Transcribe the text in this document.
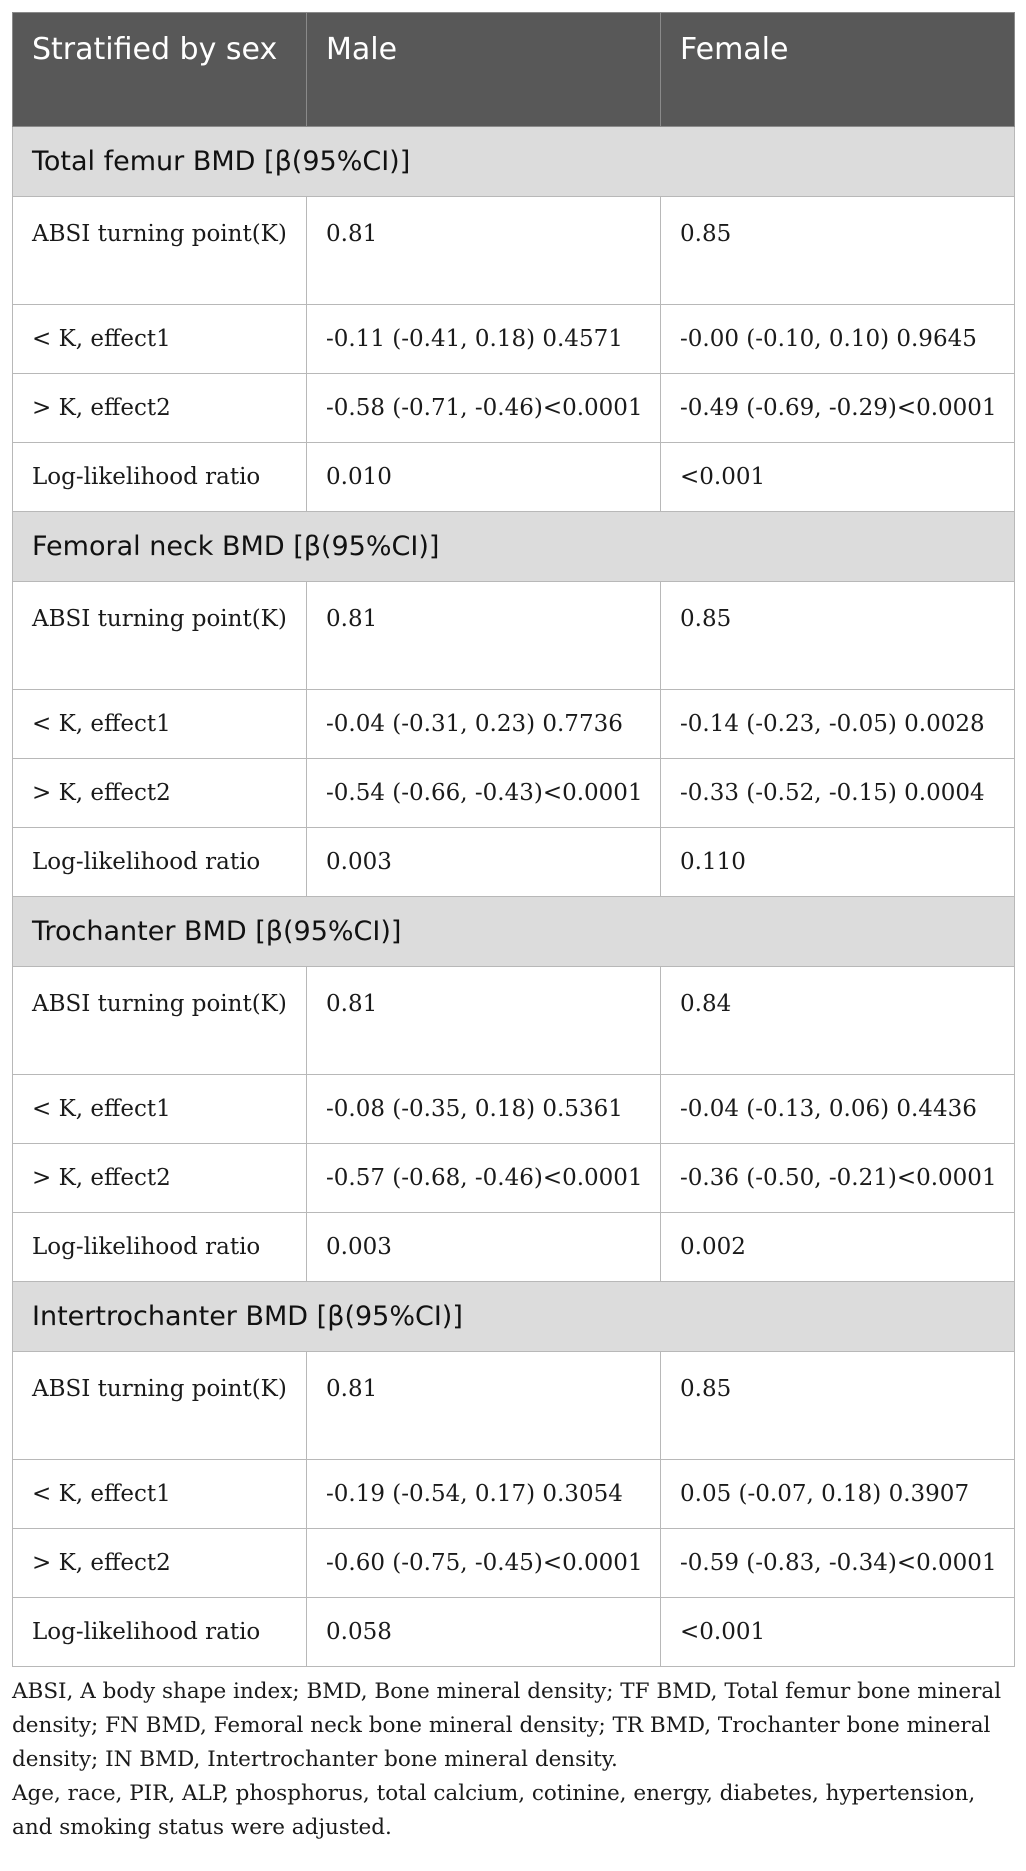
Stratified by sex	Male	Female
Total femur BMD [β(95%CI)]		
ABSI turning point(K)	0.81	0.85
< K, effect1	-0.11 (-0.41, 0.18) 0.4571	-0.00 (-0.10, 0.10) 0.9645
> K, effect2	-0.58 (-0.71, -0.46)<0.0001	-0.49 (-0.69, -0.29)<0.0001
Log-likelihood ratio	0.010	<0.001
Femoral neck BMD [β(95%CI)]		
ABSI turning point(K)	0.81	0.85
< K, effect1	-0.04 (-0.31, 0.23) 0.7736	-0.14 (-0.23, -0.05) 0.0028
> K, effect2	-0.54 (-0.66, -0.43)<0.0001	-0.33 (-0.52, -0.15) 0.0004
Log-likelihood ratio	0.003	0.110
Trochanter BMD [β(95%CI)]		
ABSI turning point(K)	0.81	0.84
< K, effect1	-0.08 (-0.35, 0.18) 0.5361	-0.04 (-0.13, 0.06) 0.4436
> K, effect2	-0.57 (-0.68, -0.46)<0.0001	-0.36 (-0.50, -0.21)<0.0001
Log-likelihood ratio	0.003	0.002
Intertrochanter BMD [β(95%CI)]		
ABSI turning point(K)	0.81	0.85
< K, effect1	-0.19 (-0.54, 0.17) 0.3054	0.05 (-0.07, 0.18) 0.3907
> K, effect2	-0.60 (-0.75, -0.45)<0.0001	-0.59 (-0.83, -0.34)<0.0001
Log-likelihood ratio	0.058	<0.001

ABSI, A body shape index; BMD, Bone mineral density; TF BMD, Total femur bone mineral density; FN BMD, Femoral neck bone mineral density; TR BMD, Trochanter bone mineral density; IN BMD, Intertrochanter bone mineral density.

Age, race, PIR, ALP, phosphorus, total calcium, cotinine, energy, diabetes, hypertension, and smoking status were adjusted.
